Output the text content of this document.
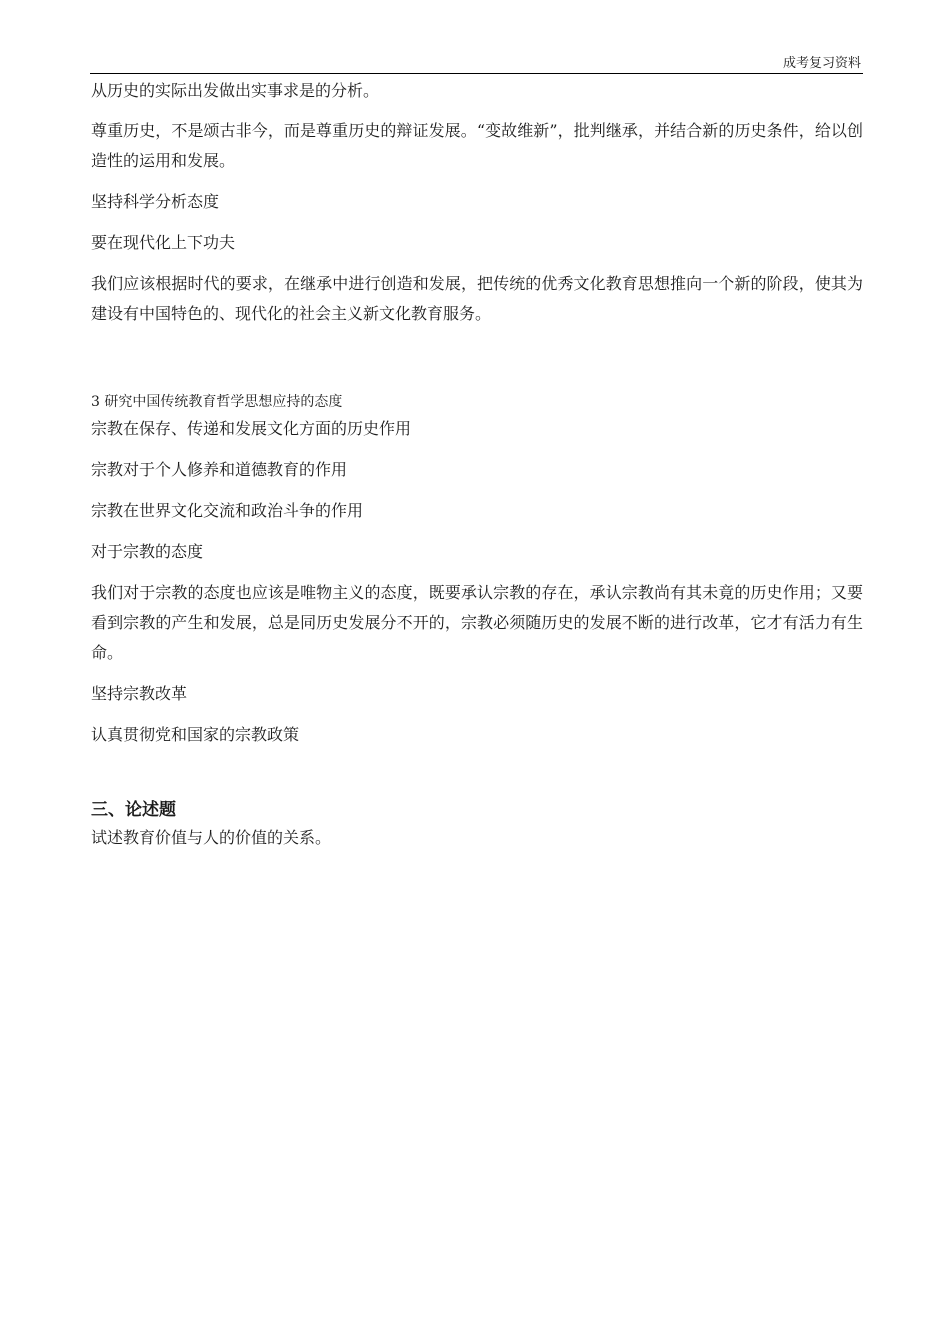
成考复习资料

从历史的实际出发做出实事求是的分析。

尊重历史，不是颂古非今，而是尊重历史的辩证发展。“变故维新”，批判继承，并结合新的历史条件，给以创造性的运用和发展。

坚持科学分析态度

要在现代化上下功夫

我们应该根据时代的要求，在继承中进行创造和发展，把传统的优秀文化教育思想推向一个新的阶段，使其为建设有中国特色的、现代化的社会主义新文化教育服务。

3 研究中国传统教育哲学思想应持的态度

宗教在保存、传递和发展文化方面的历史作用

宗教对于个人修养和道德教育的作用

宗教在世界文化交流和政治斗争的作用

对于宗教的态度

我们对于宗教的态度也应该是唯物主义的态度，既要承认宗教的存在，承认宗教尚有其未竟的历史作用；又要看到宗教的产生和发展，总是同历史发展分不开的，宗教必须随历史的发展不断的进行改革，它才有活力有生命。

坚持宗教改革

认真贯彻党和国家的宗教政策

三、论述题

试述教育价值与人的价值的关系。
